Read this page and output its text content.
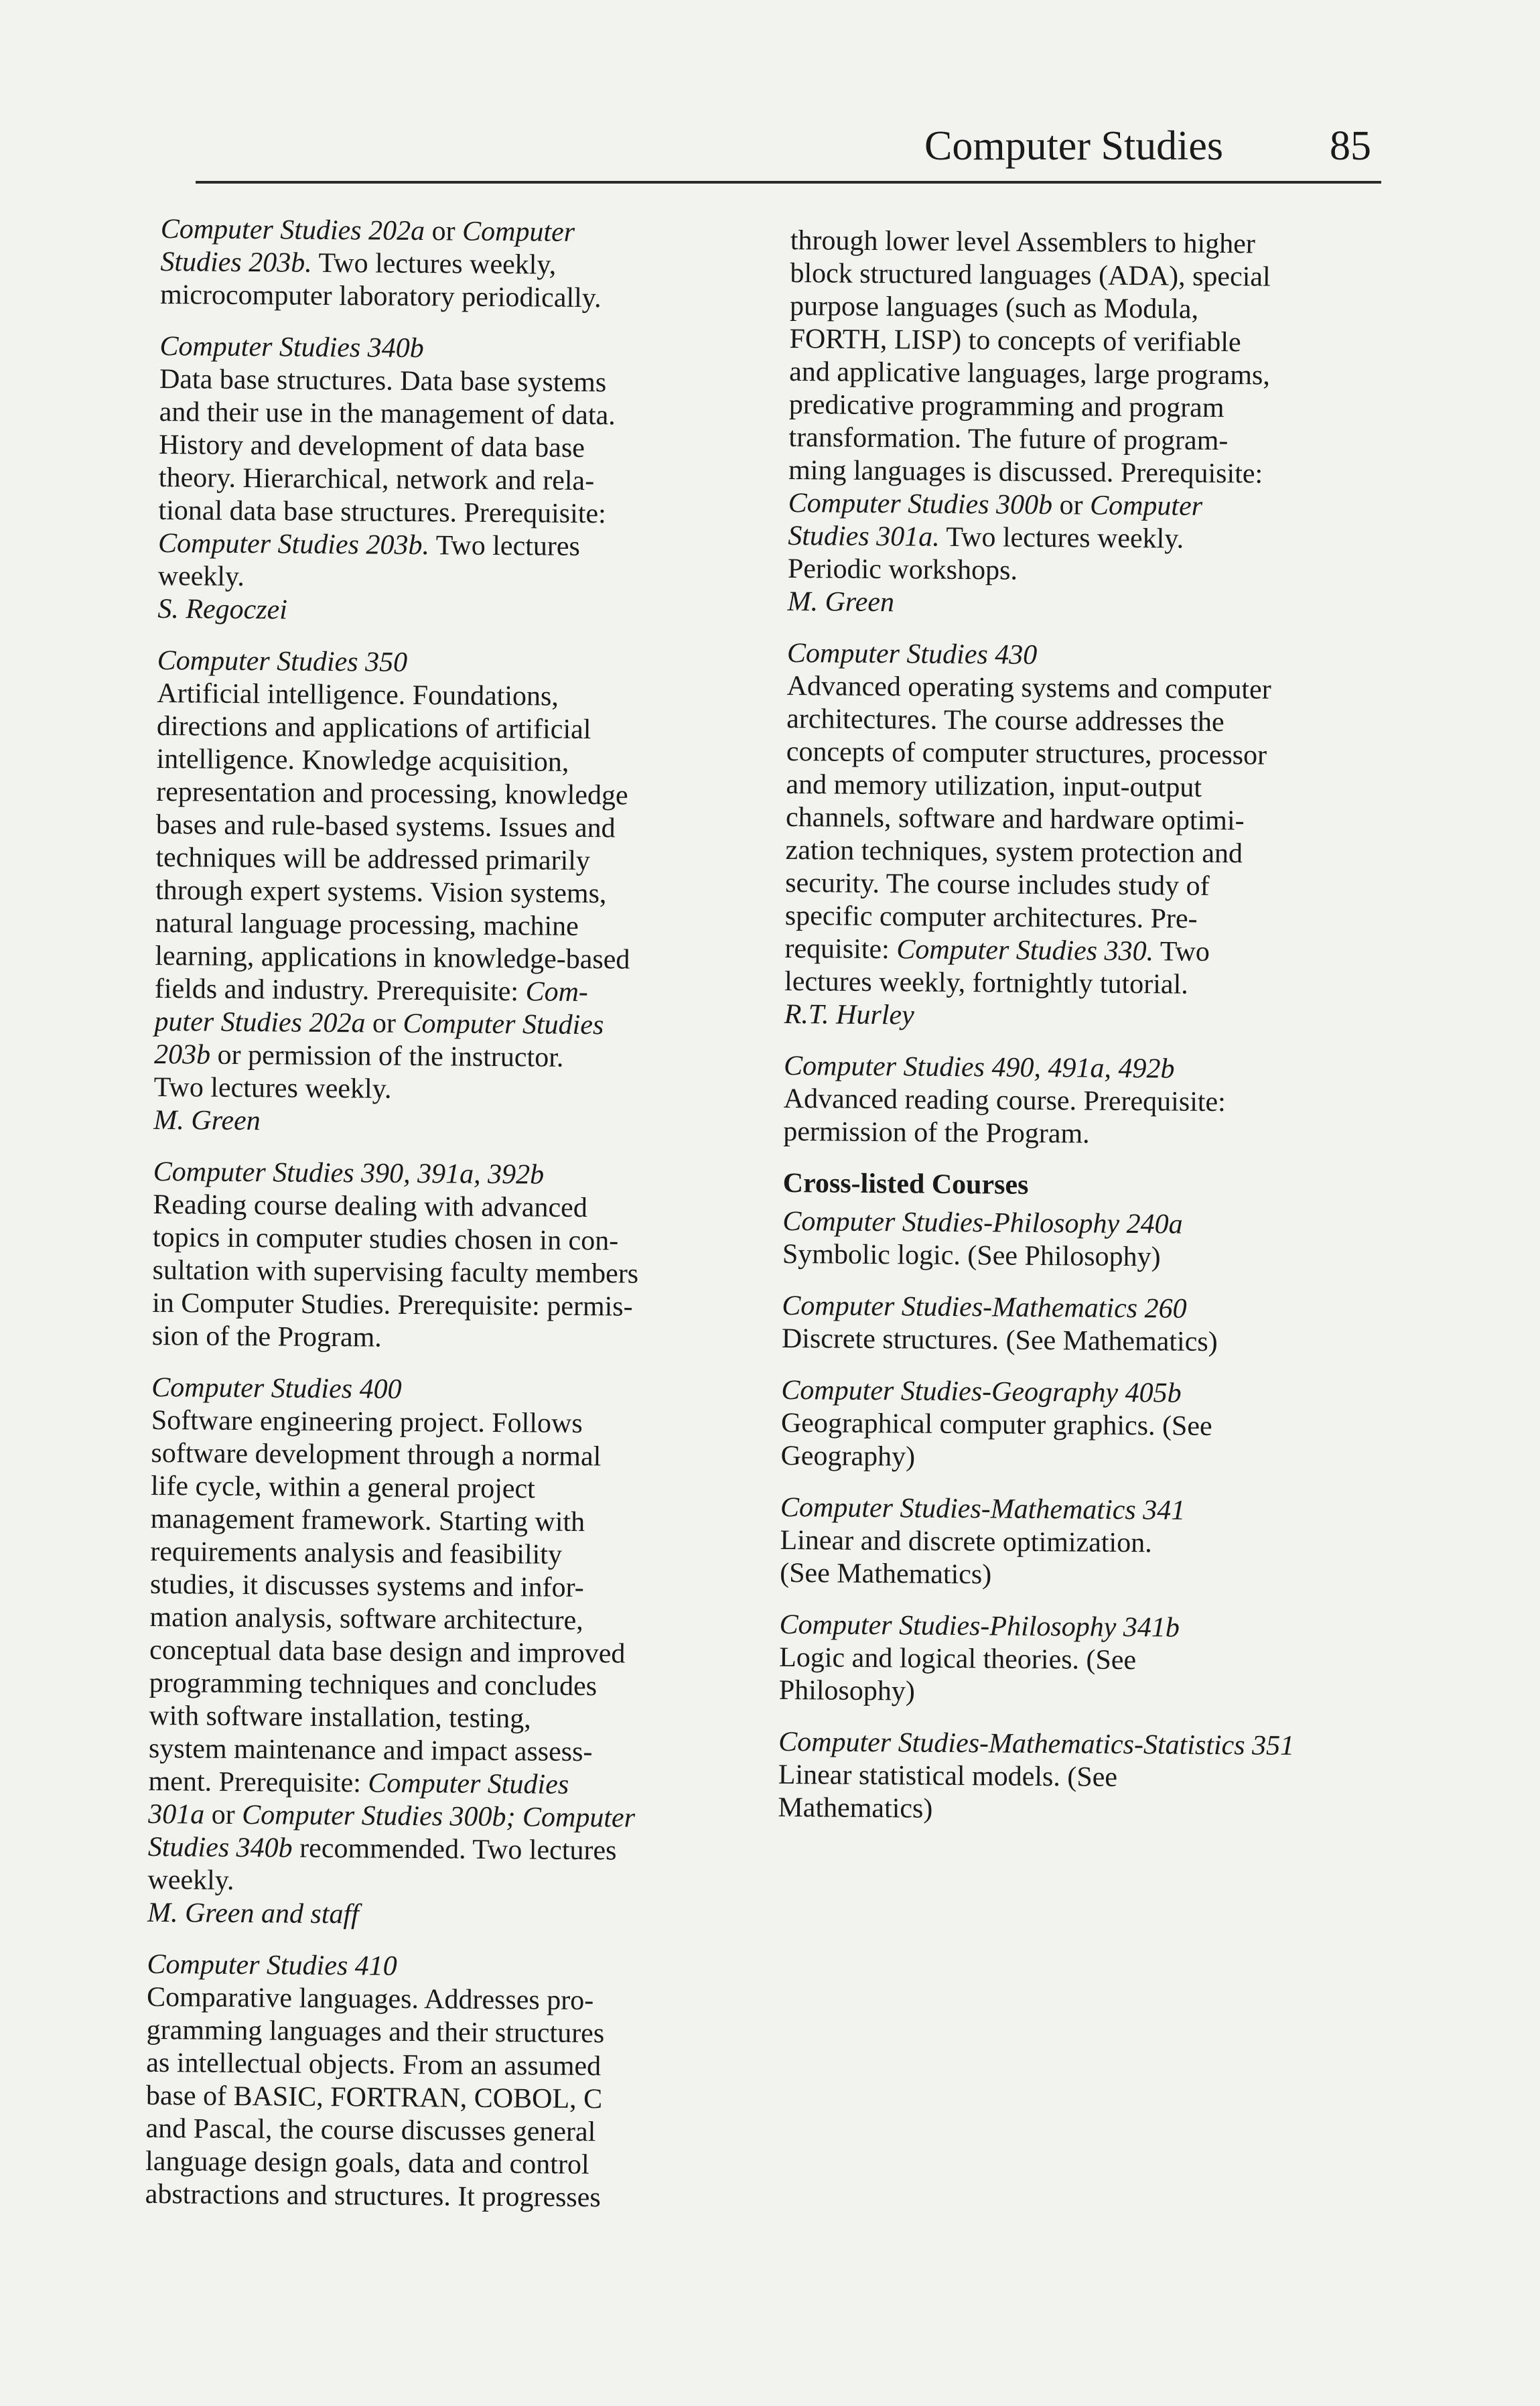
Computer Studies	85

Computer Studies 202a or Computer
Studies 203b. Two lectures weekly,
microcomputer laboratory periodically.

Computer Studies 340b

Data base structures. Data base systems
and their use in the management of data.
History and development of data base
theory. Hierarchical, network and rela-
tional data base structures. Prerequisite:
Computer Studies 203b. Two lectures
weekly.

S. Regoczei

Computer Studies 350

Artificial intelligence. Foundations,
directions and applications of artificial
intelligence. Knowledge acquisition,
representation and processing, knowledge
bases and rule-based systems. Issues and
techniques will be addressed primarily
through expert systems. Vision systems,
natural language processing, machine
learning, applications in knowledge-based
fields and industry. Prerequisite: Com-
puter Studies 202a or Computer Studies
203b or permission of the instructor.
Two lectures weekly.

M. Green

Computer Studies 390, 391a, 392b

Reading course dealing with advanced
topics in computer studies chosen in con-
sultation with supervising faculty members
in Computer Studies. Prerequisite: permis-
sion of the Program.

Computer Studies 400

Software engineering project. Follows
software development through a normal
life cycle, within a general project
management framework. Starting with
requirements analysis and feasibility
studies, it discusses systems and infor-
mation analysis, software architecture,
conceptual data base design and improved
programming techniques and concludes
with software installation, testing,
system maintenance and impact assess-
ment. Prerequisite: Computer Studies
301a or Computer Studies 300b; Computer
Studies 340b recommended. Two lectures
weekly.

M. Green and staff

Computer Studies 410

Comparative languages. Addresses pro-
gramming languages and their structures
as intellectual objects. From an assumed
base of BASIC, FORTRAN, COBOL, C
and Pascal, the course discusses general
language design goals, data and control
abstractions and structures. It progresses

through lower level Assemblers to higher
block structured languages (ADA), special
purpose languages (such as Modula,
FORTH, LISP) to concepts of verifiable
and applicative languages, large programs,
predicative programming and program
transformation. The future of program-
ming languages is discussed. Prerequisite:
Computer Studies 300b or Computer
Studies 301a. Two lectures weekly.
Periodic workshops.

M. Green

Computer Studies 430

Advanced operating systems and computer
architectures. The course addresses the
concepts of computer structures, processor
and memory utilization, input-output
channels, software and hardware optimi-
zation techniques, system protection and
security. The course includes study of
specific computer architectures. Pre-
requisite: Computer Studies 330. Two
lectures weekly, fortnightly tutorial.

R.T. Hurley

Computer Studies 490, 491a, 492b

Advanced reading course. Prerequisite:
permission of the Program.

Cross-listed Courses

Computer Studies-Philosophy 240a

Symbolic logic. (See Philosophy)

Computer Studies-Mathematics 260

Discrete structures. (See Mathematics)

Computer Studies-Geography 405b

Geographical computer graphics. (See
Geography)

Computer Studies-Mathematics 341

Linear and discrete optimization.
(See Mathematics)

Computer Studies-Philosophy 341b

Logic and logical theories. (See
Philosophy)

Computer Studies-Mathematics-Statistics 351

Linear statistical models. (See
Mathematics)
